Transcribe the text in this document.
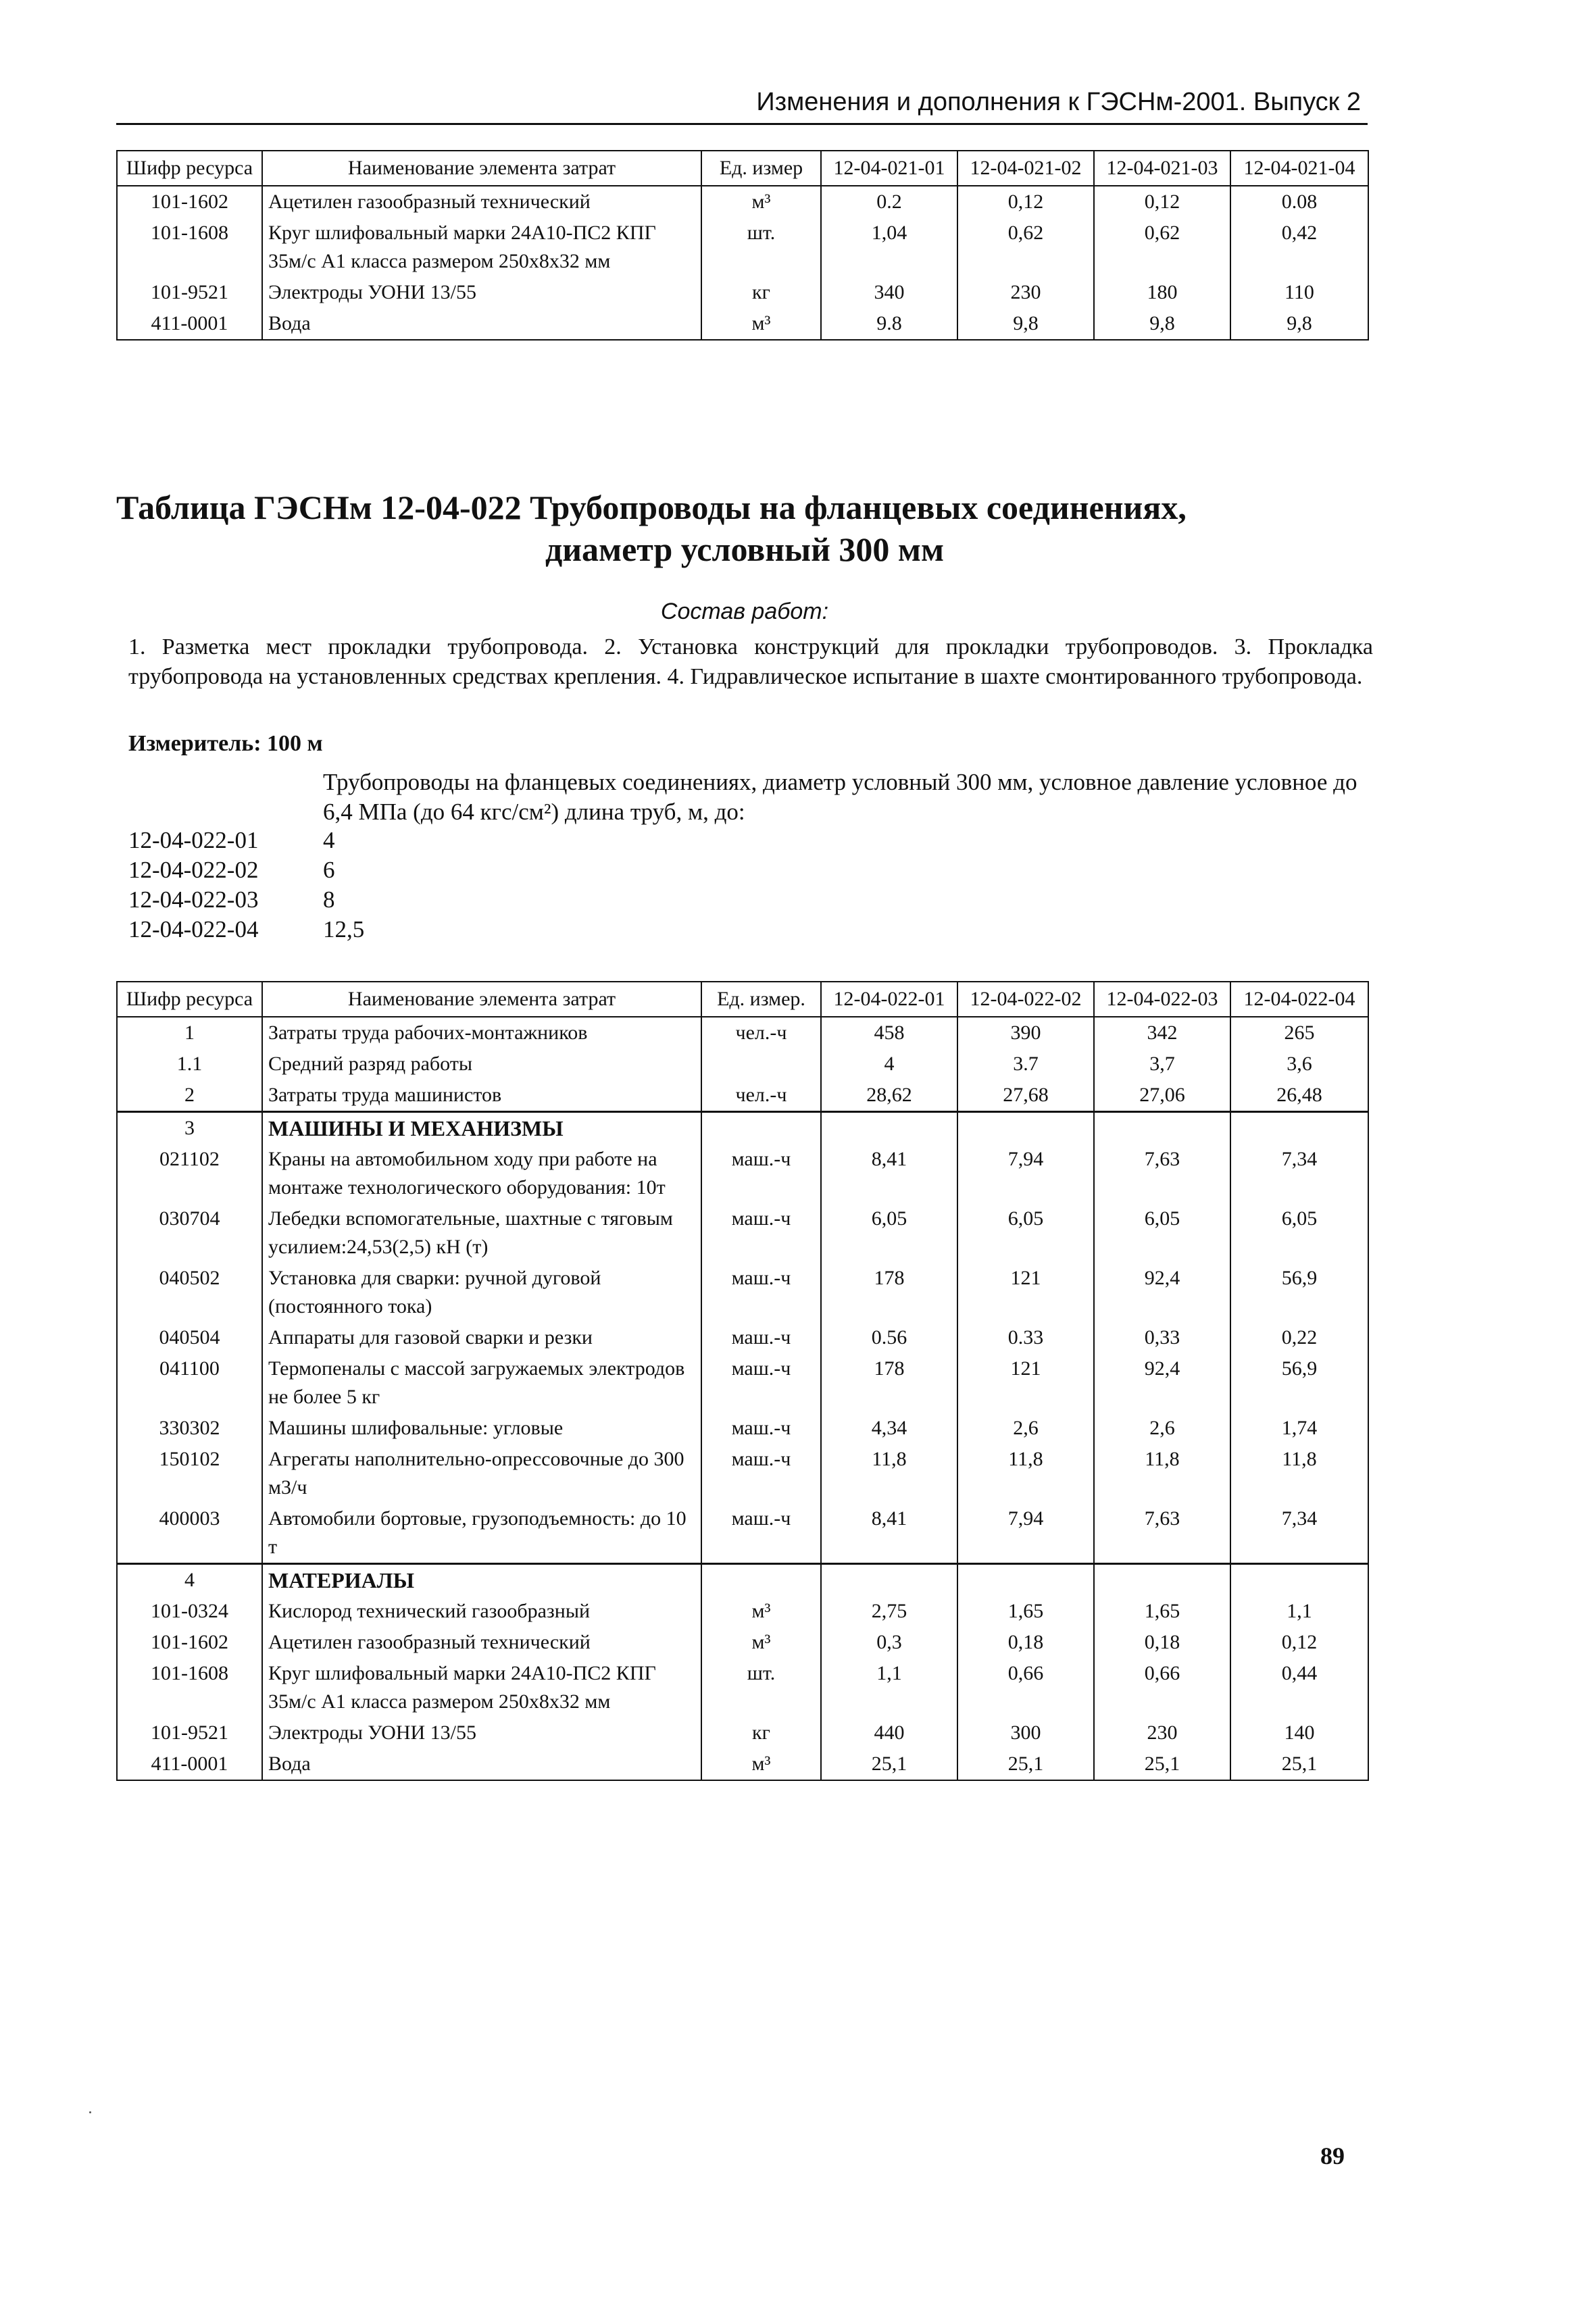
Изменения и дополнения к ГЭСНм-2001. Выпуск 2
Шифр ресурса	Наименование элемента затрат	Ед. измер	12-04-021-01	12-04-021-02	12-04-021-03	12-04-021-04
101-1602	Ацетилен газообразный технический	м³	0.2	0,12	0,12	0.08
101-1608	Круг шлифовальный марки 24А10-ПС2 КПГ 35м/с А1 класса размером 250х8х32 мм	шт.	1,04	0,62	0,62	0,42
101-9521	Электроды УОНИ 13/55	кг	340	230	180	110
411-0001	Вода	м³	9.8	9,8	9,8	9,8
Таблица ГЭСНм 12-04-022 Трубопроводы на фланцевых соединениях,
диаметр условный 300 мм
Состав работ:
1. Разметка мест прокладки трубопровода. 2. Установка конструкций для прокладки трубопроводов. 3. Прокладка трубопровода на установленных средствах крепления. 4. Гидравлическое испытание в шахте смонтированного трубопровода.
Измеритель: 100 м
Трубопроводы на фланцевых соединениях, диаметр условный 300 мм, условное давление условное до 6,4 МПа (до 64 кгс/см²) длина труб, м, до:
12-04-022-01	4
12-04-022-02	6
12-04-022-03	8
12-04-022-04	12,5
Шифр ресурса	Наименование элемента затрат	Ед. измер.	12-04-022-01	12-04-022-02	12-04-022-03	12-04-022-04
1	Затраты труда рабочих-монтажников	чел.-ч	458	390	342	265
1.1	Средний разряд работы		4	3.7	3,7	3,6
2	Затраты труда машинистов	чел.-ч	28,62	27,68	27,06	26,48
3	МАШИНЫ И МЕХАНИЗМЫ					
021102	Краны на автомобильном ходу при работе на монтаже технологического оборудования: 10т	маш.-ч	8,41	7,94	7,63	7,34
030704	Лебедки вспомогательные, шахтные с тяговым усилием:24,53(2,5) кН (т)	маш.-ч	6,05	6,05	6,05	6,05
040502	Установка для сварки: ручной дуговой (постоянного тока)	маш.-ч	178	121	92,4	56,9
040504	Аппараты для газовой сварки и резки	маш.-ч	0.56	0.33	0,33	0,22
041100	Термопеналы с массой загружаемых электродов не более 5 кг	маш.-ч	178	121	92,4	56,9
330302	Машины шлифовальные: угловые	маш.-ч	4,34	2,6	2,6	1,74
150102	Агрегаты наполнительно-опрессовочные до 300 м3/ч	маш.-ч	11,8	11,8	11,8	11,8
400003	Автомобили бортовые, грузоподъемность: до 10 т	маш.-ч	8,41	7,94	7,63	7,34
4	МАТЕРИАЛЫ					
101-0324	Кислород технический газообразный	м³	2,75	1,65	1,65	1,1
101-1602	Ацетилен газообразный технический	м³	0,3	0,18	0,18	0,12
101-1608	Круг шлифовальный марки 24А10-ПС2 КПГ 35м/с А1 класса размером 250х8х32 мм	шт.	1,1	0,66	0,66	0,44
101-9521	Электроды УОНИ 13/55	кг	440	300	230	140
411-0001	Вода	м³	25,1	25,1	25,1	25,1
89
